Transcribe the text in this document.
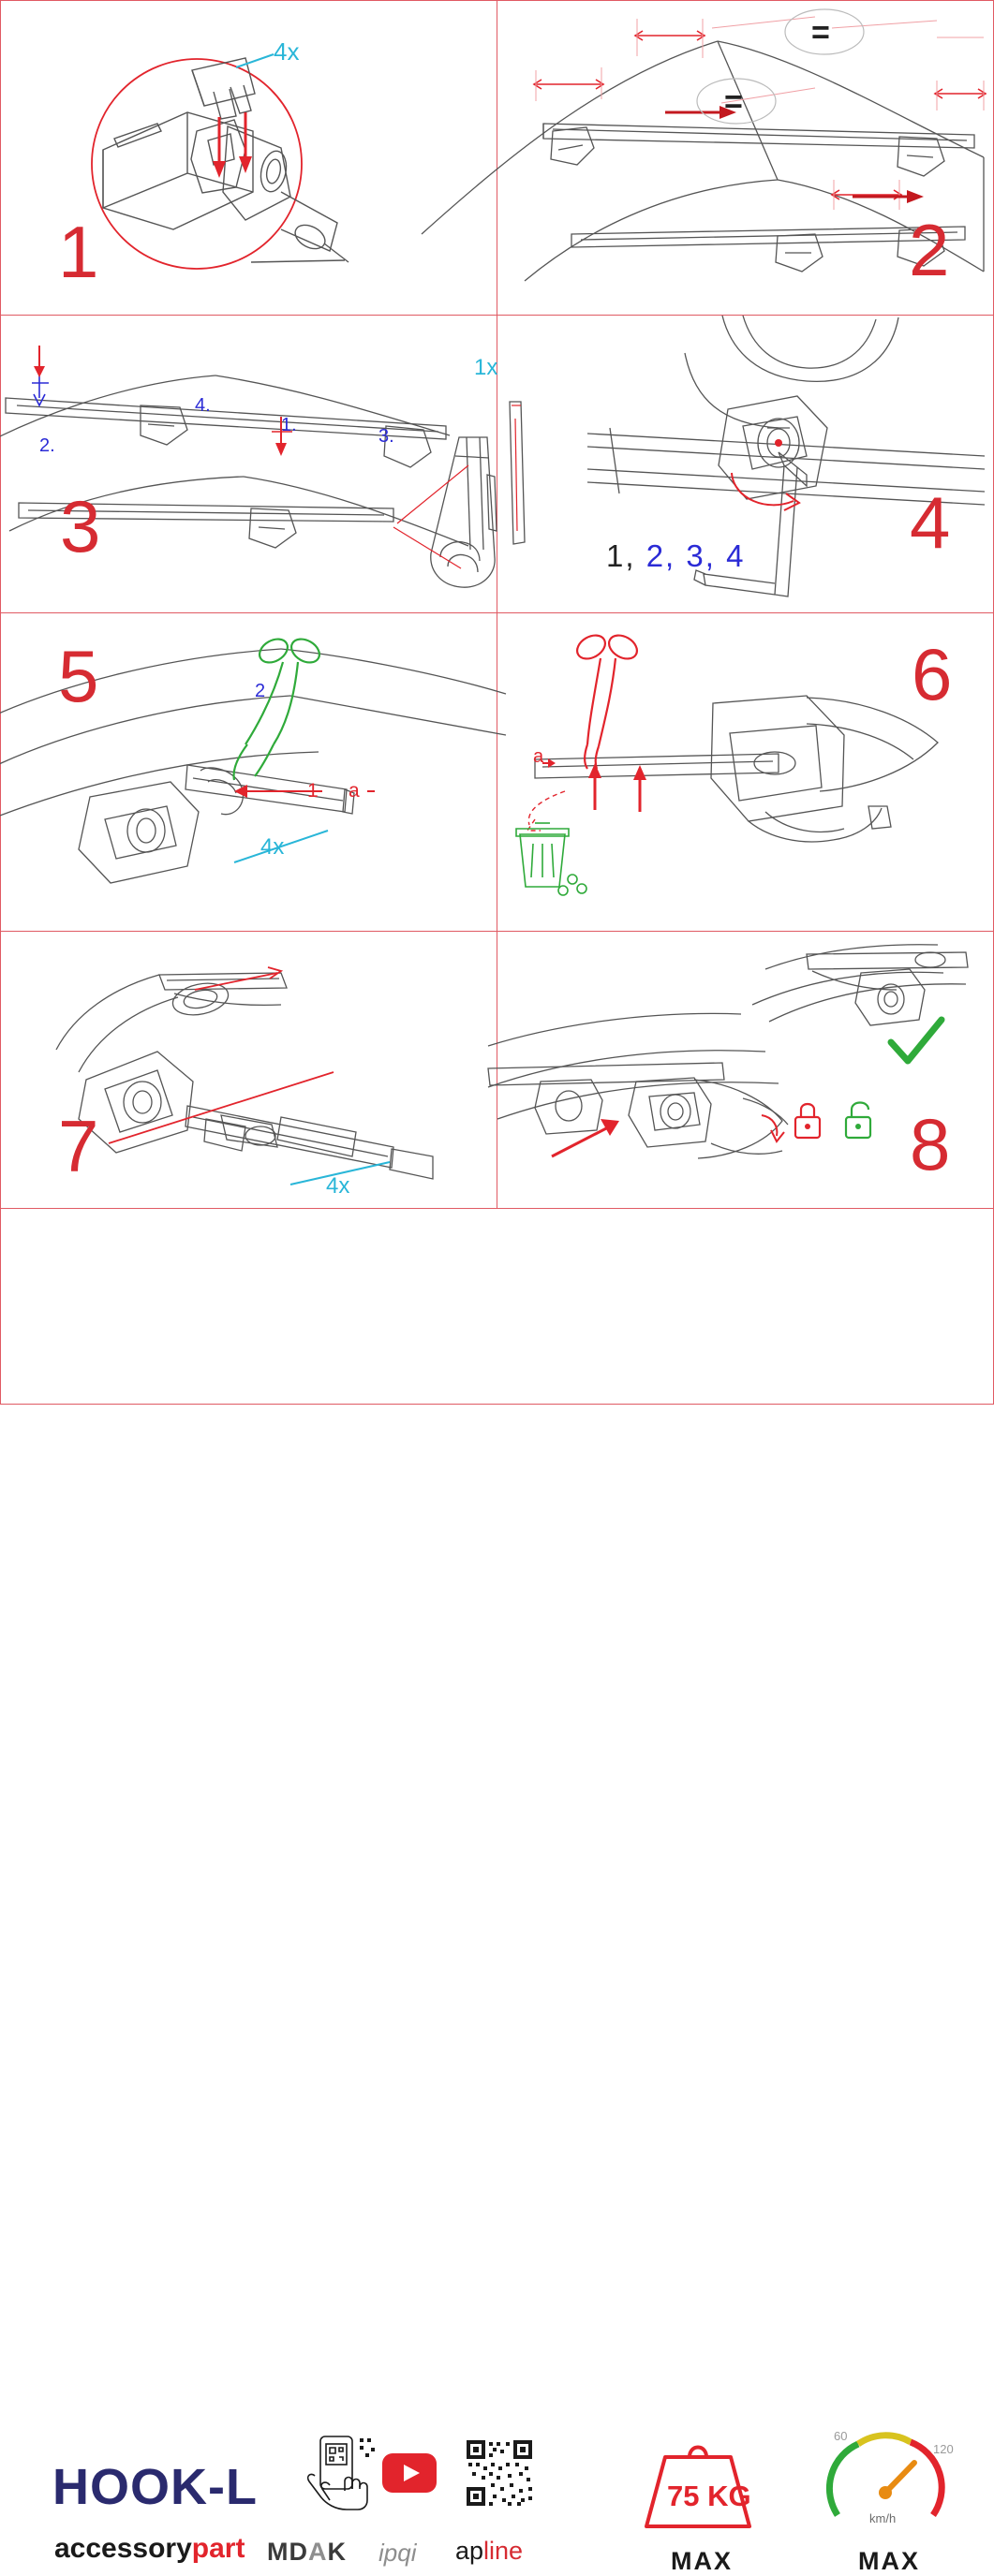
4x
1
=
=
2
4.
2.	3.
1.
1x
3	1, 2, 3, 4 4
5	2
1 a
4x
6
a
7	4x
8
HOOK-L
accessorypart MDAK ipqi apline
75 KG
MAX
60
120
km/h
MAX
